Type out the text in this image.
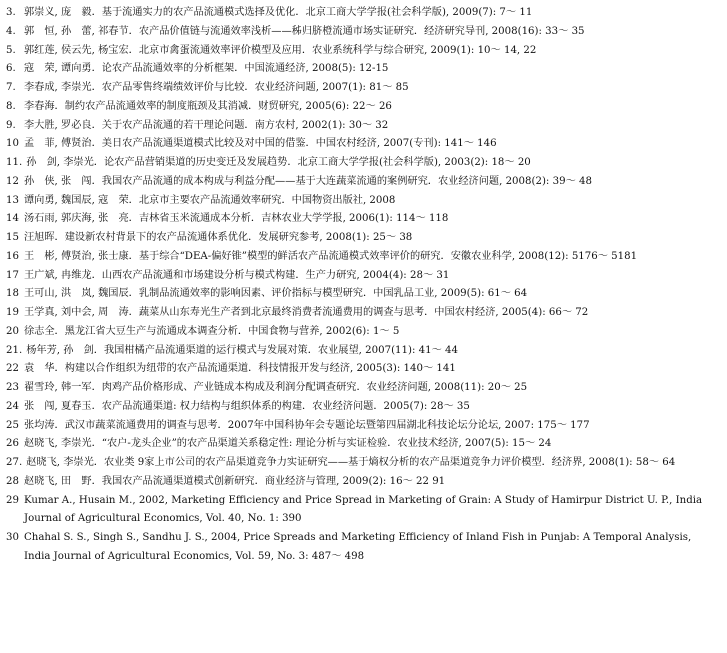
3. 郭崇义, 庞　毅．基于流通实力的农产品流通模式选择及优化．北京工商大学学报(社会科学版), 2009(7): 7～ 11
4. 郭　恒, 孙　蕾, 祁春节．农产品价值链与流通效率浅析——秭归脐橙流通市场实证研究．经济研究导刊, 2008(16): 33～ 35
5. 郭红莲, 侯云先, 杨宝宏．北京市禽蛋流通效率评价模型及应用．农业系统科学与综合研究, 2009(1): 10～ 14, 22
6. 寇　荣, 谭向勇．论农产品流通效率的分析框架．中国流通经济, 2008(5): 12-15
7. 李春成, 李崇光．农产品零售终端绩效评价与比较．农业经济问题, 2007(1): 81～ 85
8. 李春海．制约农产品流通效率的制度瓶颈及其消减．财贸研究, 2005(6): 22～ 26
9. 李大胜, 罗必良．关于农产品流通的若干理论问题．南方农村, 2002(1): 30～ 32
10 孟　菲, 傅贤治．美日农产品流通渠道模式比较及对中国的借鉴．中国农村经济, 2007(专刊): 141～ 146
11. 孙　剑, 李崇光．论农产品营销渠道的历史变迁及发展趋势．北京工商大学学报(社会科学版), 2003(2): 18～ 20
12 孙　侠, 张　闯．我国农产品流通的成本构成与利益分配——基于大连蔬菜流通的案例研究．农业经济问题, 2008(2): 39～ 48
13 谭向勇, 魏国辰, 寇　荣．北京市主要农产品流通效率研究．中国物资出版社, 2008
14 汤石雨, 郭庆海, 张　亮．吉林省玉米流通成本分析．吉林农业大学学报, 2006(1): 114～ 118
15 汪旭晖．建设新农村背景下的农产品流通体系优化．发展研究参考, 2008(1): 25～ 38
16 王　彬, 傅贤治, 张士康．基于综合“DEA-偏好锥”模型的鲜活农产品流通模式效率评价的研究．安徽农业科学, 2008(12): 5176～ 5181
17 王广斌, 冉维龙．山西农产品流通和市场建设分析与模式构建．生产力研究, 2004(4): 28～ 31
18 王可山, 洪　岚, 魏国辰．乳制品流通效率的影响因素、评价指标与模型研究．中国乳品工业, 2009(5): 61～ 64
19 王学真, 刘中会, 周　涛．蔬菜从山东寿光生产者到北京最终消费者流通费用的调查与思考．中国农村经济, 2005(4): 66～ 72
20 徐志全．黑龙江省大豆生产与流通成本调查分析．中国食物与营养, 2002(6): 1～ 5
21. 杨年芳, 孙　剑．我国柑橘产品流通渠道的运行模式与发展对策．农业展望, 2007(11): 41～ 44
22 袁　华．构建以合作组织为纽带的农产品流通渠道．科技情报开发与经济, 2005(3): 140～ 141
23 翟雪玲, 韩一军．肉鸡产品价格形成、产业链成本构成及利润分配调查研究．农业经济问题, 2008(11): 20～ 25
24 张　闯, 夏春玉．农产品流通渠道: 权力结构与组织体系的构建．农业经济问题．2005(7): 28～ 35
25 张均涛．武汉市蔬菜流通费用的调查与思考．2007年中国科协年会专题论坛暨第四届湖北科技论坛分论坛, 2007: 175～ 177
26 赵晓飞, 李崇光．“农户-龙头企业”的农产品渠道关系稳定性: 理论分析与实证检验．农业技术经济, 2007(5): 15～ 24
27. 赵晓飞, 李崇光．农业类 9家上市公司的农产品渠道竞争力实证研究——基于熵权分析的农产品渠道竞争力评价模型．经济界, 2008(1): 58～ 64
28 赵晓飞, 田　野．我国农产品流通渠道模式创新研究．商业经济与管理, 2009(2): 16～ 22 91
29 Kumar A., Husain M., 2002, Marketing Efficiency and Price Spread in Marketing of Grain: A Study of Hamirpur District U. P., India Journal of Agricultural Economics, Vol. 40, No. 1: 390
30 Chahal S. S., Singh S., Sandhu J. S., 2004, Price Spreads and Marketing Efficiency of Inland Fish in Punjab: A Temporal Analysis, India Journal of Agricultural Economics, Vol. 59, No. 3: 487～ 498
